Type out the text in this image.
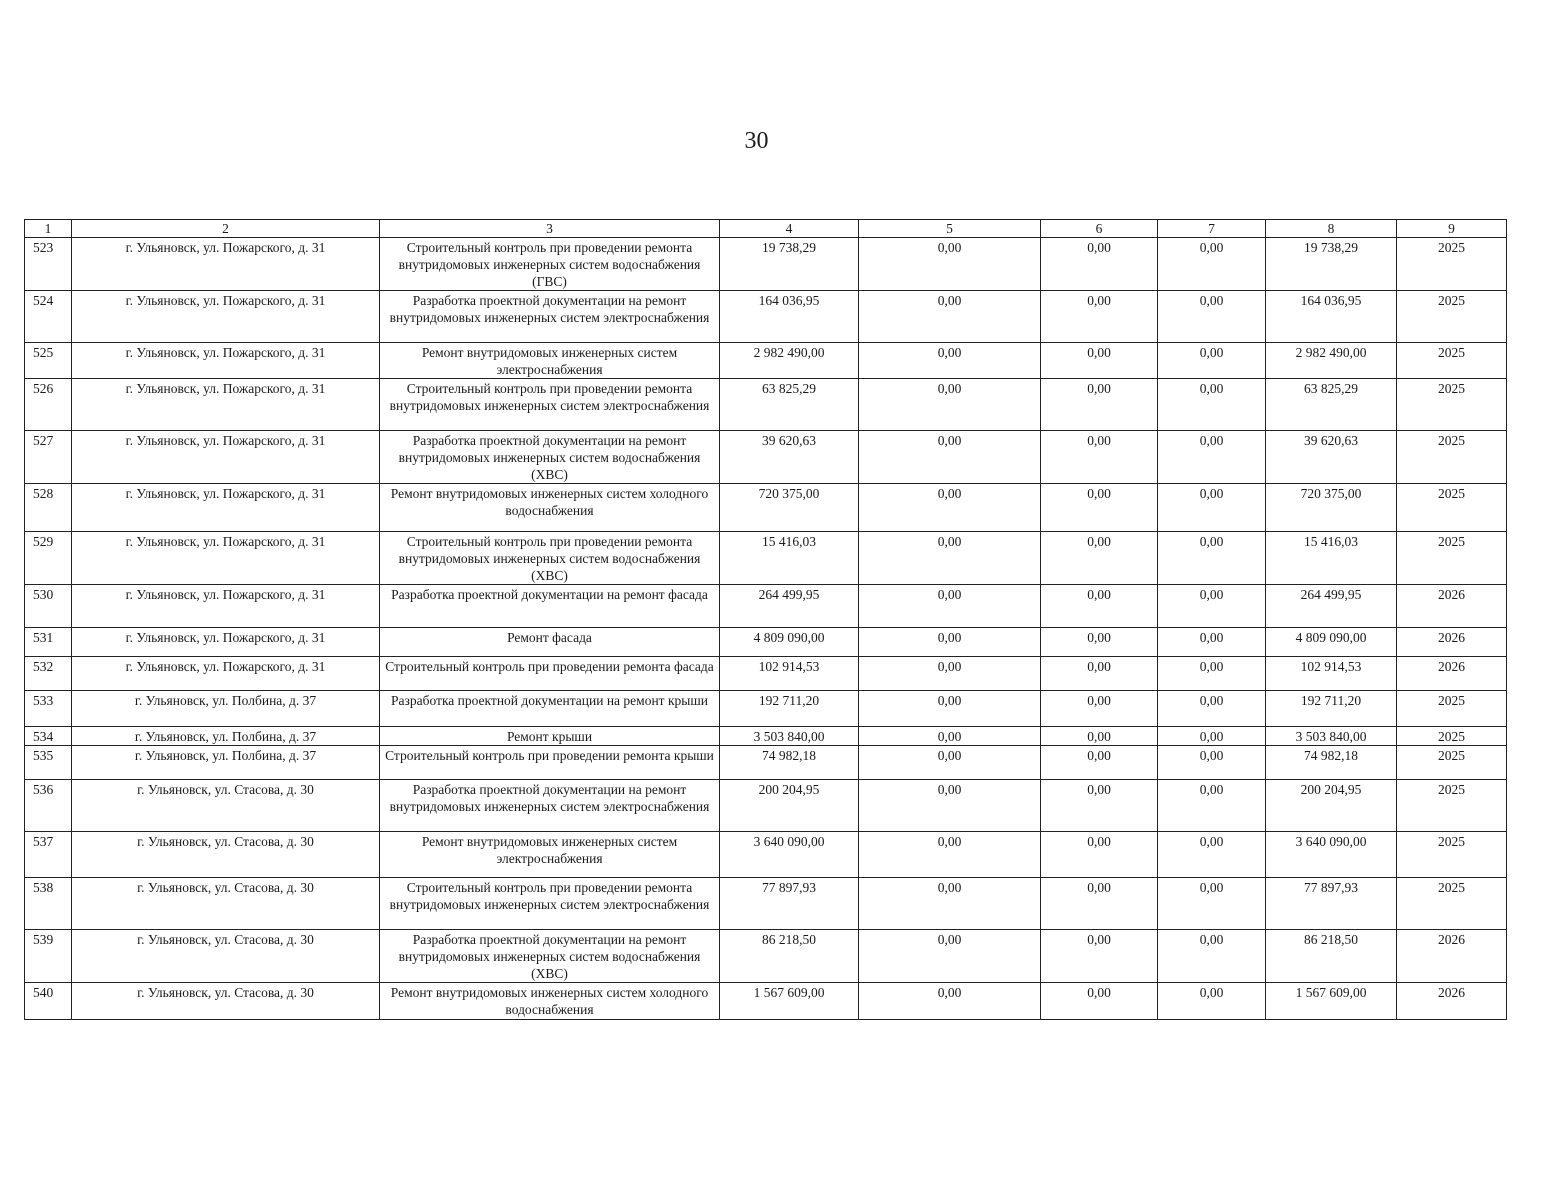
30
1	2	3	4	5	6	7	8	9
523	г. Ульяновск, ул. Пожарского, д. 31	Строительный контроль при проведении ремонта внутридомовых инженерных систем водоснабжения (ГВС)	19 738,29	0,00	0,00	0,00	19 738,29	2025
524	г. Ульяновск, ул. Пожарского, д. 31	Разработка проектной документации на ремонт внутридомовых инженерных систем электроснабжения	164 036,95	0,00	0,00	0,00	164 036,95	2025
525	г. Ульяновск, ул. Пожарского, д. 31	Ремонт внутридомовых инженерных систем электроснабжения	2 982 490,00	0,00	0,00	0,00	2 982 490,00	2025
526	г. Ульяновск, ул. Пожарского, д. 31	Строительный контроль при проведении ремонта внутридомовых инженерных систем электроснабжения	63 825,29	0,00	0,00	0,00	63 825,29	2025
527	г. Ульяновск, ул. Пожарского, д. 31	Разработка проектной документации на ремонт внутридомовых инженерных систем водоснабжения (ХВС)	39 620,63	0,00	0,00	0,00	39 620,63	2025
528	г. Ульяновск, ул. Пожарского, д. 31	Ремонт внутридомовых инженерных систем холодного водоснабжения	720 375,00	0,00	0,00	0,00	720 375,00	2025
529	г. Ульяновск, ул. Пожарского, д. 31	Строительный контроль при проведении ремонта внутридомовых инженерных систем водоснабжения (ХВС)	15 416,03	0,00	0,00	0,00	15 416,03	2025
530	г. Ульяновск, ул. Пожарского, д. 31	Разработка проектной документации на ремонт фасада	264 499,95	0,00	0,00	0,00	264 499,95	2026
531	г. Ульяновск, ул. Пожарского, д. 31	Ремонт фасада	4 809 090,00	0,00	0,00	0,00	4 809 090,00	2026
532	г. Ульяновск, ул. Пожарского, д. 31	Строительный контроль при проведении ремонта фасада	102 914,53	0,00	0,00	0,00	102 914,53	2026
533	г. Ульяновск, ул. Полбина, д. 37	Разработка проектной документации на ремонт крыши	192 711,20	0,00	0,00	0,00	192 711,20	2025
534	г. Ульяновск, ул. Полбина, д. 37	Ремонт крыши	3 503 840,00	0,00	0,00	0,00	3 503 840,00	2025
535	г. Ульяновск, ул. Полбина, д. 37	Строительный контроль при проведении ремонта крыши	74 982,18	0,00	0,00	0,00	74 982,18	2025
536	г. Ульяновск, ул. Стасова, д. 30	Разработка проектной документации на ремонт внутридомовых инженерных систем электроснабжения	200 204,95	0,00	0,00	0,00	200 204,95	2025
537	г. Ульяновск, ул. Стасова, д. 30	Ремонт внутридомовых инженерных систем электроснабжения	3 640 090,00	0,00	0,00	0,00	3 640 090,00	2025
538	г. Ульяновск, ул. Стасова, д. 30	Строительный контроль при проведении ремонта внутридомовых инженерных систем электроснабжения	77 897,93	0,00	0,00	0,00	77 897,93	2025
539	г. Ульяновск, ул. Стасова, д. 30	Разработка проектной документации на ремонт внутридомовых инженерных систем водоснабжения (ХВС)	86 218,50	0,00	0,00	0,00	86 218,50	2026
540	г. Ульяновск, ул. Стасова, д. 30	Ремонт внутридомовых инженерных систем холодного водоснабжения	1 567 609,00	0,00	0,00	0,00	1 567 609,00	2026
